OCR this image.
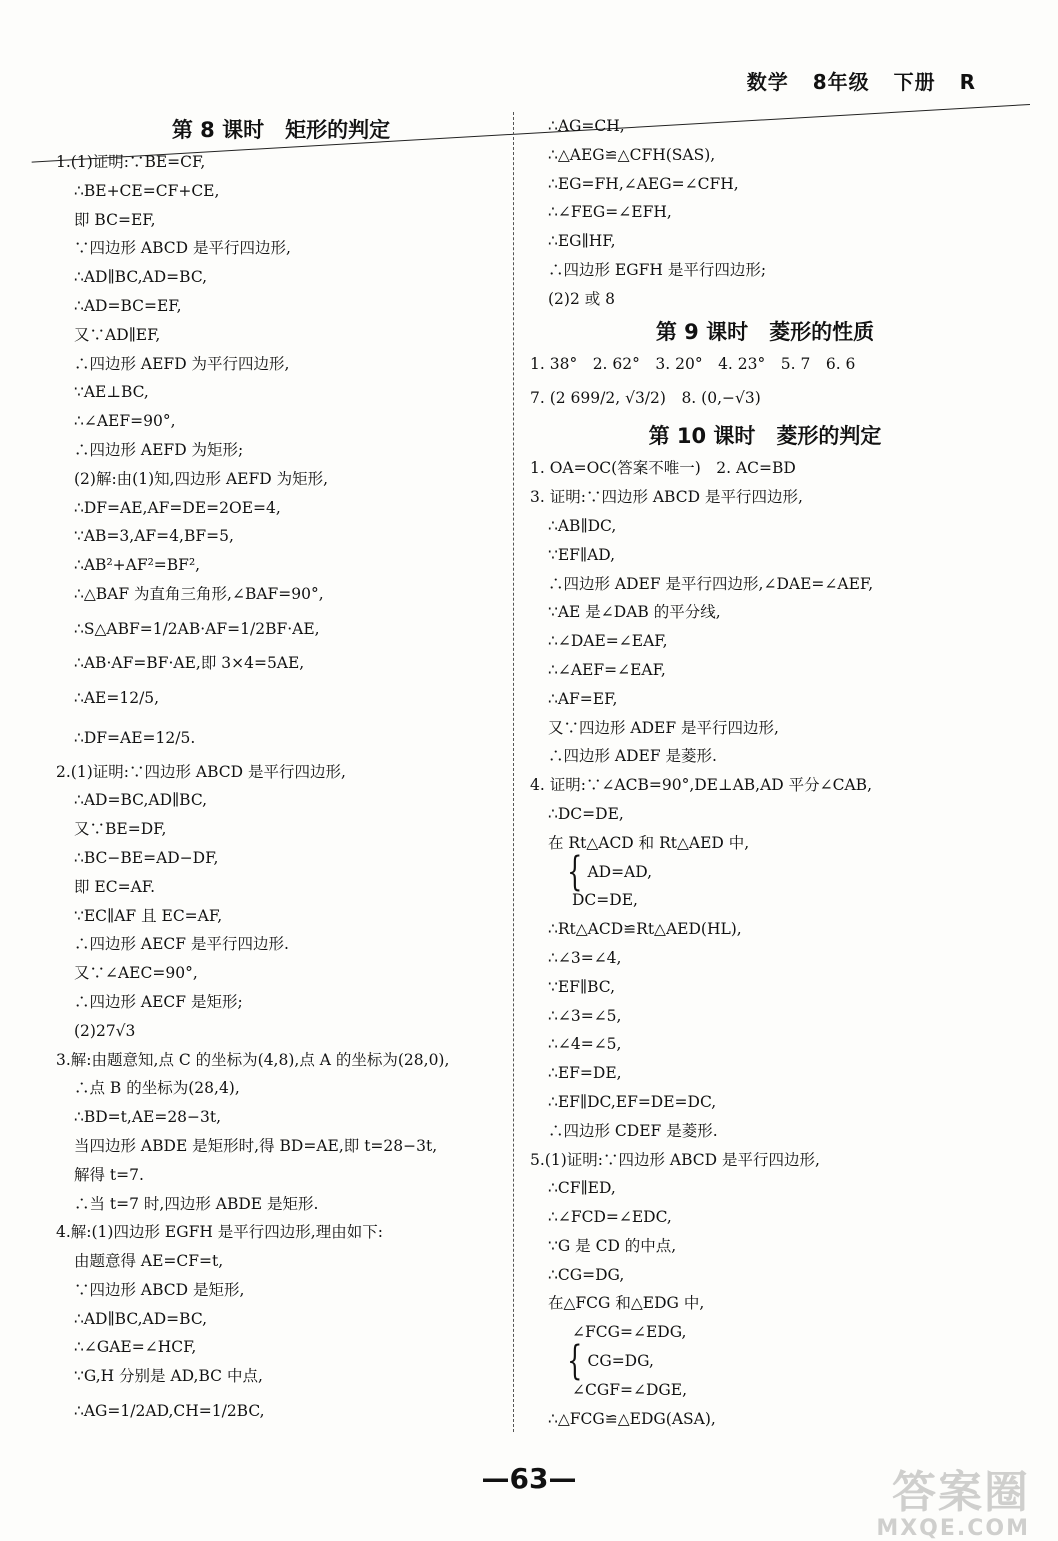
数学 8年级 下册 R
第 8 课时　矩形的判定
1.(1)证明:∵BE=CF,
∴BE+CE=CF+CE,
即 BC=EF,
∵四边形 ABCD 是平行四边形,
∴AD∥BC,AD=BC,
∴AD=BC=EF,
又∵AD∥EF,
∴四边形 AEFD 为平行四边形,
∵AE⊥BC,
∴∠AEF=90°,
∴四边形 AEFD 为矩形;
(2)解:由(1)知,四边形 AEFD 为矩形,
∴DF=AE,AF=DE=2OE=4,
∵AB=3,AF=4,BF=5,
∴AB²+AF²=BF²,
∴△BAF 为直角三角形,∠BAF=90°,
∴S△ABF=1/2AB·AF=1/2BF·AE,
∴AB·AF=BF·AE,即 3×4=5AE,
∴AE=12/5,
∴DF=AE=12/5.
2.(1)证明:∵四边形 ABCD 是平行四边形,
∴AD=BC,AD∥BC,
又∵BE=DF,
∴BC−BE=AD−DF,
即 EC=AF.
∵EC∥AF 且 EC=AF,
∴四边形 AECF 是平行四边形.
又∵∠AEC=90°,
∴四边形 AECF 是矩形;
(2)27√3
3.解:由题意知,点 C 的坐标为(4,8),点 A 的坐标为(28,0),
∴点 B 的坐标为(28,4),
∴BD=t,AE=28−3t,
当四边形 ABDE 是矩形时,得 BD=AE,即 t=28−3t,
解得 t=7.
∴当 t=7 时,四边形 ABDE 是矩形.
4.解:(1)四边形 EGFH 是平行四边形,理由如下:
由题意得 AE=CF=t,
∵四边形 ABCD 是矩形,
∴AD∥BC,AD=BC,
∴∠GAE=∠HCF,
∵G,H 分别是 AD,BC 中点,
∴AG=1/2AD,CH=1/2BC,
∴AG=CH,
∴△AEG≌△CFH(SAS),
∴EG=FH,∠AEG=∠CFH,
∴∠FEG=∠EFH,
∴EG∥HF,
∴四边形 EGFH 是平行四边形;
(2)2 或 8
第 9 课时　菱形的性质
1. 38°　2. 62°　3. 20°　4. 23°　5. 7　6. 6
7. (2 699/2, √3/2)　8. (0,−√3)
第 10 课时　菱形的判定
1. OA=OC(答案不唯一)　2. AC=BD
3. 证明:∵四边形 ABCD 是平行四边形,
∴AB∥DC,
∵EF∥AD,
∴四边形 ADEF 是平行四边形,∠DAE=∠AEF,
∵AE 是∠DAB 的平分线,
∴∠DAE=∠EAF,
∴∠AEF=∠EAF,
∴AF=EF,
又∵四边形 ADEF 是平行四边形,
∴四边形 ADEF 是菱形.
4. 证明:∵∠ACB=90°,DE⊥AB,AD 平分∠CAB,
∴DC=DE,
在 Rt△ACD 和 Rt△AED 中,
{ AD=AD,
DC=DE,
∴Rt△ACD≌Rt△AED(HL),
∴∠3=∠4,
∵EF∥BC,
∴∠3=∠5,
∴∠4=∠5,
∴EF=DE,
∴EF∥DC,EF=DE=DC,
∴四边形 CDEF 是菱形.
5.(1)证明:∵四边形 ABCD 是平行四边形,
∴CF∥ED,
∴∠FCD=∠EDC,
∵G 是 CD 的中点,
∴CG=DG,
在△FCG 和△EDG 中,
∠FCG=∠EDG,
{ CG=DG,
∠CGF=∠DGE,
∴△FCG≌△EDG(ASA),
—63—	答案圈
MXQE.COM
